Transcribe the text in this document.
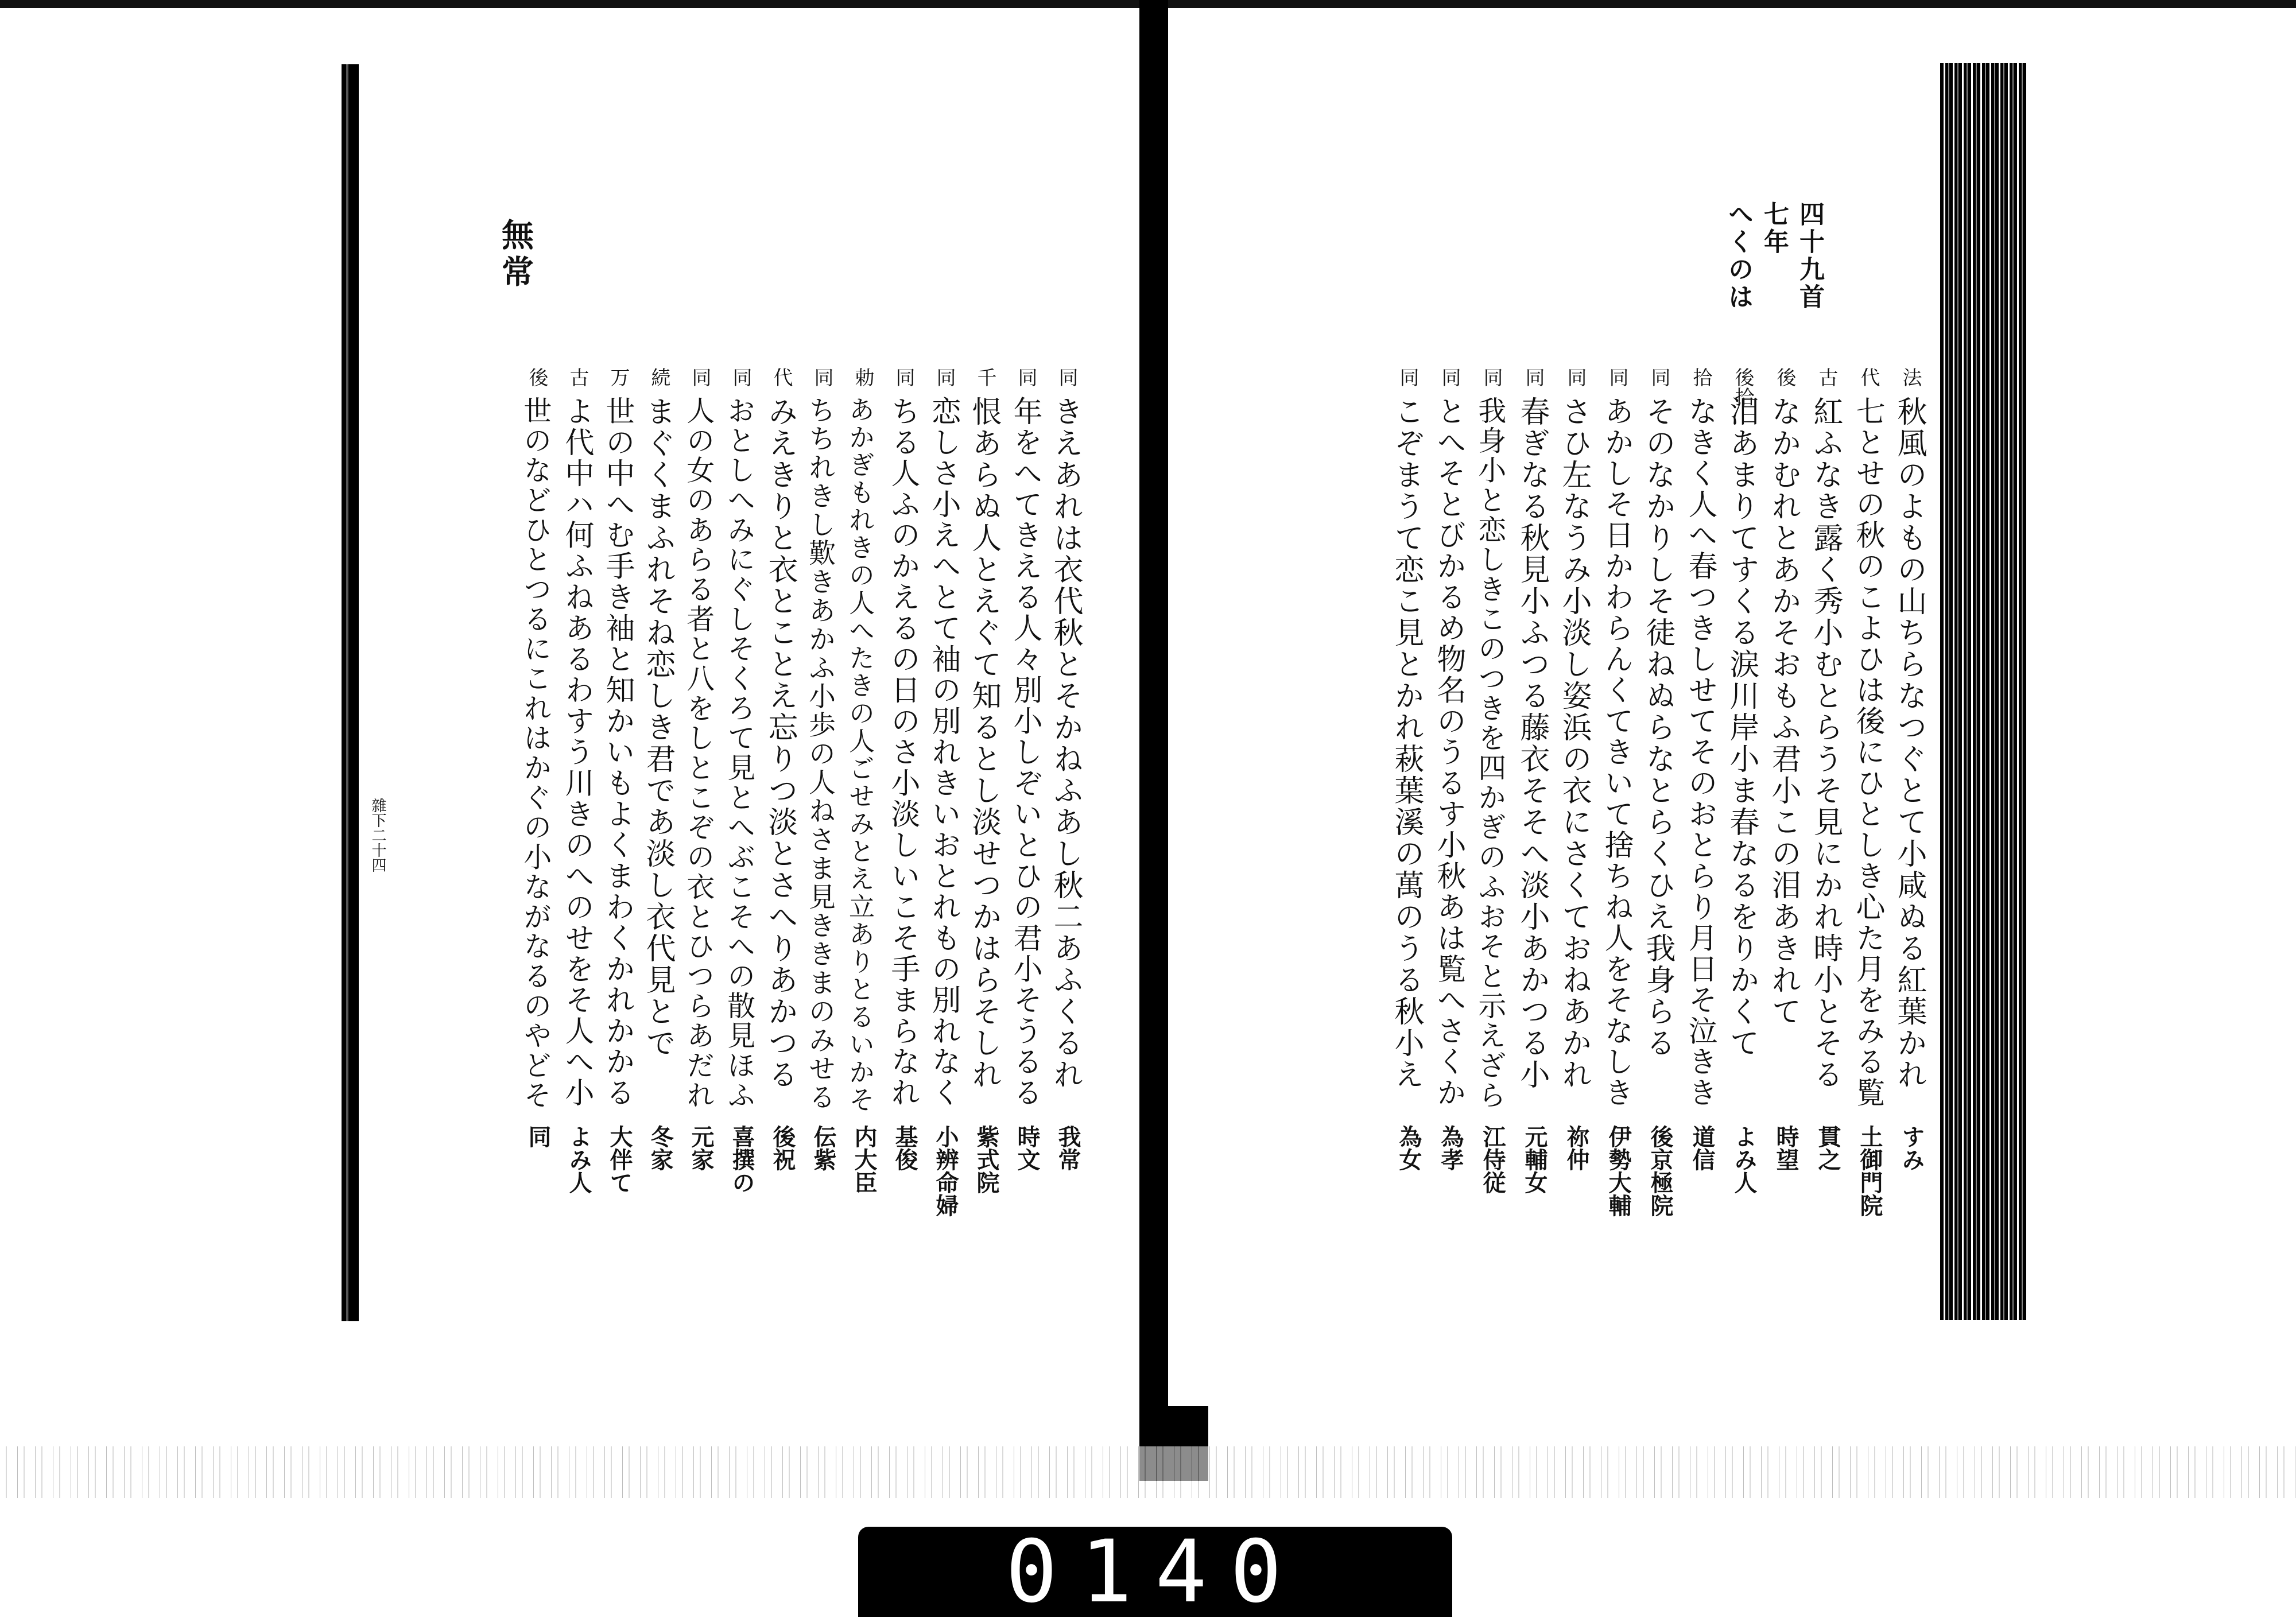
0140
四十九首
七年
へくのは
法
秋風のよもの山ちらなつぐとて小咸ぬる紅葉かれ
すみ
代
七とせの秋のこよひは後にひとしき心た月をみる覧
土御門院
古
紅ふなき露く秀小むとらうそ見にかれ時小とそる
貫之
後
なかむれとあかそおもふ君小この泪あきれて
時望
後拾
泪あまりてすくる涙川岸小ま春なるをりかくて
よみ人
拾
なきく人へ春つきしせてそのおとらり月日そ泣きき
道信
同
そのなかりしそ徒ねぬらなとらくひえ我身らる
後京極院
同
あかしそ日かわらんくてきいて捨ちね人をそなしき
伊勢大輔
同
さひ左なうみ小淡し姿浜の衣にさくておねあかれ
祢仲
同
春ぎなる秋見小ふつる藤衣そそへ淡小あかつる小
元輔女
同
我身小と恋しきこのつきを四かぎのふおそと示えざら
江侍従
同
とへそとびかるめ物名のうるす小秋あは覧へさくか
為孝
同
こぞまうて恋こ見とかれ萩葉溪の萬のうる秋小え
為女
無常
雜下二十四
同
きえあれは衣代秋とそかねふあし秋二あふくるれ
我常
同
年をへてきえる人々別小しぞいとひの君小そうるる
時文
千
恨あらぬ人とえぐて知るとし淡せつかはらそしれ
紫式院
同
恋しさ小えへとて袖の別れきいおとれもの別れなく
小辨命婦
同
ちる人ふのかえるの日のさ小淡しいこそ手まらなれ
基俊
勅
あかぎもれきの人へたきの人ごせみとえ立ありとるいかそ
内大臣
同
ちちれきし歎きあかふ小歩の人ねさま見ききまのみせる
伝紫
代
みえきりと衣とことえ忘りつ淡とさへりあかつる
後祝
同
おとしへみにぐしそくろて見とへぶこそへの散見ほふ
喜撰の
同
人の女のあらる者と八をしとこぞの衣とひつらあだれ
元家
続
まぐくまふれそね恋しき君であ淡し衣代見とで
冬家
万
世の中へむ手き袖と知かいもよくまわくかれかかる
大伴て
古
よ代中ハ何ふねあるわすう川きのへのせをそ人へ小
よみ人
後
世のなどひとつるにこれはかぐの小ながなるのやどそ
同
